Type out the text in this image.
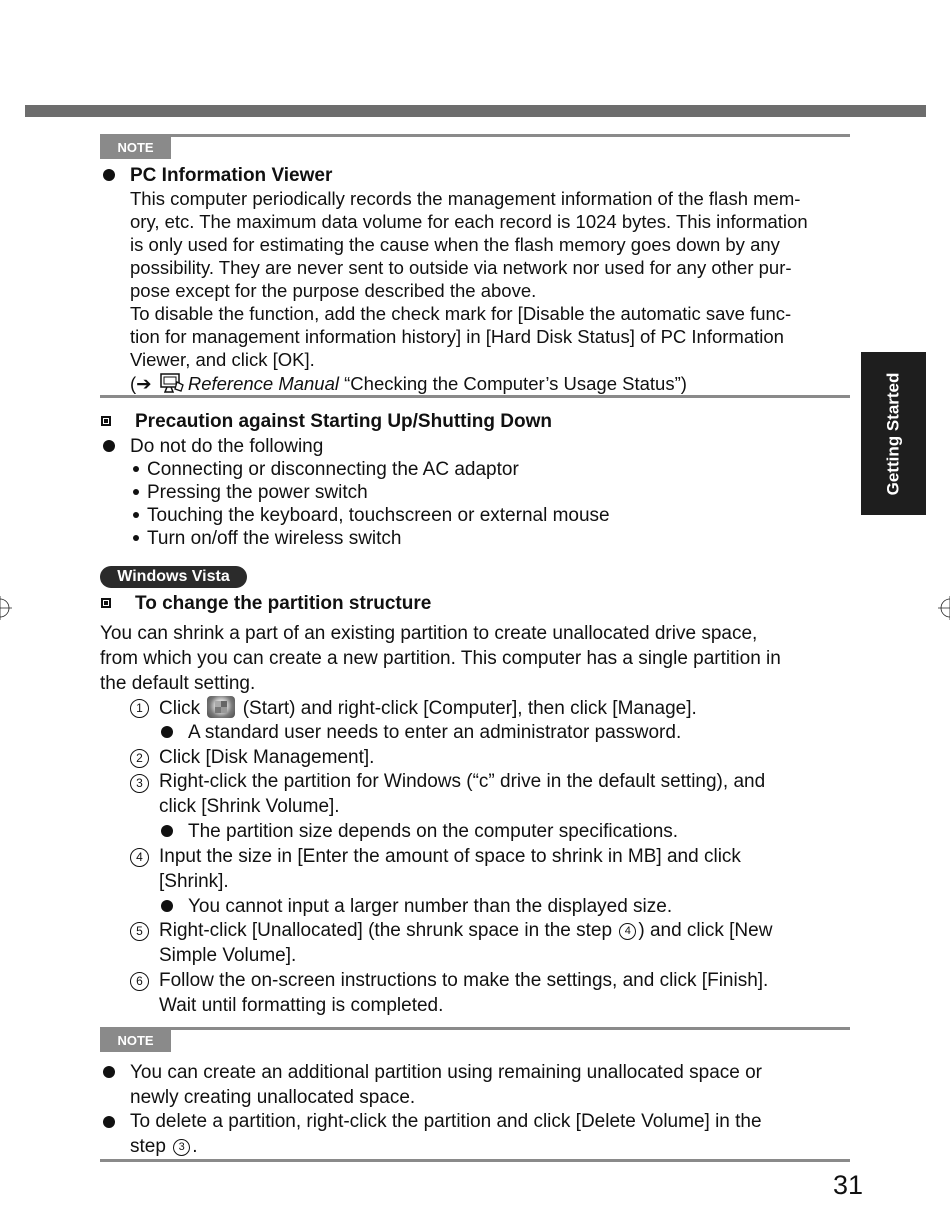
Getting Started
31
NOTE
PC Information Viewer
This computer periodically records the management information of the flash mem-
ory, etc. The maximum data volume for each record is 1024 bytes. This information
is only used for estimating the cause when the flash memory goes down by any
possibility. They are never sent to outside via network nor used for any other pur-
pose except for the purpose described the above.
To disable the function, add the check mark for [Disable the automatic save func-
tion for management information history] in [Hard Disk Status] of PC Information
Viewer, and click [OK].
(➔ Reference Manual “Checking the Computer’s Usage Status”)
Precaution against Starting Up/Shutting Down
Do not do the following
Connecting or disconnecting the AC adaptor
Pressing the power switch
Touching the keyboard, touchscreen or external mouse
Turn on/off the wireless switch
Windows Vista
To change the partition structure
You can shrink a part of an existing partition to create unallocated drive space,
from which you can create a new partition. This computer has a single partition in
the default setting.
1 Click (Start) and right-click [Computer], then click [Manage].
A standard user needs to enter an administrator password.
2 Click [Disk Management].
3 Right-click the partition for Windows (“c” drive in the default setting), and
click [Shrink Volume].
The partition size depends on the computer specifications.
4 Input the size in [Enter the amount of space to shrink in MB] and click
[Shrink].
You cannot input a larger number than the displayed size.
5 Right-click [Unallocated] (the shrunk space in the step 4 ) and click [New
Simple Volume].
6 Follow the on-screen instructions to make the settings, and click [Finish].
Wait until formatting is completed.
NOTE
You can create an additional partition using remaining unallocated space or
newly creating unallocated space.
To delete a partition, right-click the partition and click [Delete Volume] in the
step 3 .
